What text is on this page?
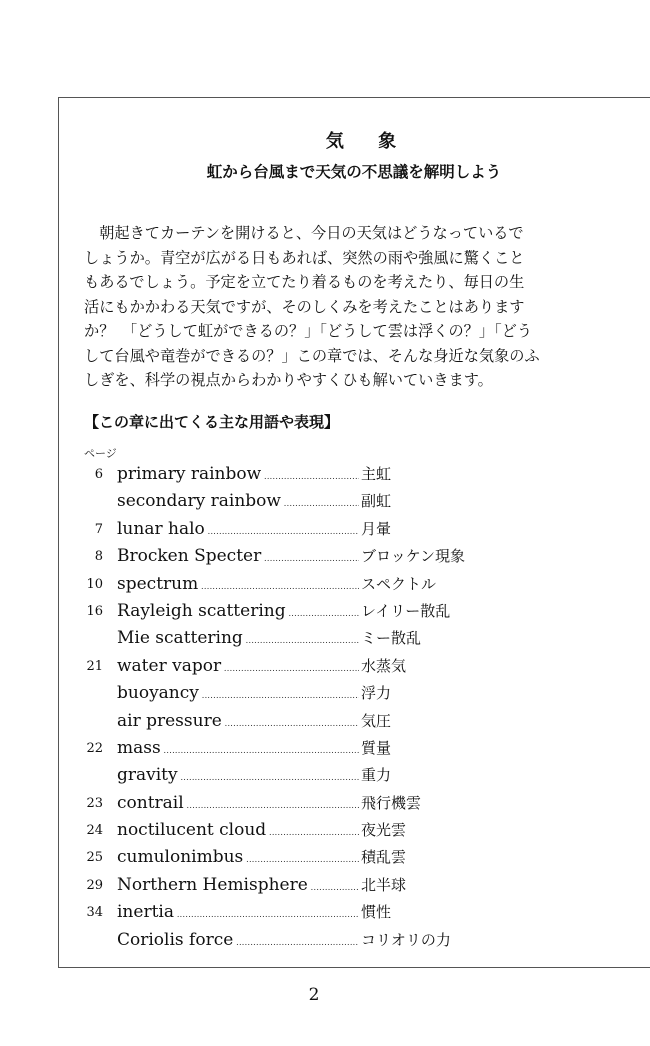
気 象
虹から台風まで天気の不思議を解明しよう

　朝起きてカーテンを開けると、今日の天気はどうなっているで
しょうか。青空が広がる日もあれば、突然の雨や強風に驚くこと
もあるでしょう。予定を立てたり着るものを考えたり、毎日の生
活にもかかわる天気ですが、そのしくみを考えたことはあります
か？　「どうして虹ができるの？」「どうして雲は浮くの？」「どう
して台風や竜巻ができるの？」この章では、そんな身近な気象のふ
しぎを、科学の視点からわかりやすくひも解いていきます。

【この章に出てくる主な用語や表現】
ページ
6 primary rainbow .....	主虹
secondary rainbow .....	副虹
7 lunar halo .....	月暈
8 Brocken Specter .....	ブロッケン現象
10 spectrum .....	スペクトル
16 Rayleigh scattering .....	レイリー散乱
Mie scattering .....	ミー散乱
21 water vapor .....	水蒸気
buoyancy .....	浮力
air pressure .....	気圧
22 mass .....	質量
gravity .....	重力
23 contrail .....	飛行機雲
24 noctilucent cloud .....	夜光雲
25 cumulonimbus .....	積乱雲
29 Northern Hemisphere .....	北半球
34 inertia .....	慣性
Coriolis force .....	コリオリの力
2
